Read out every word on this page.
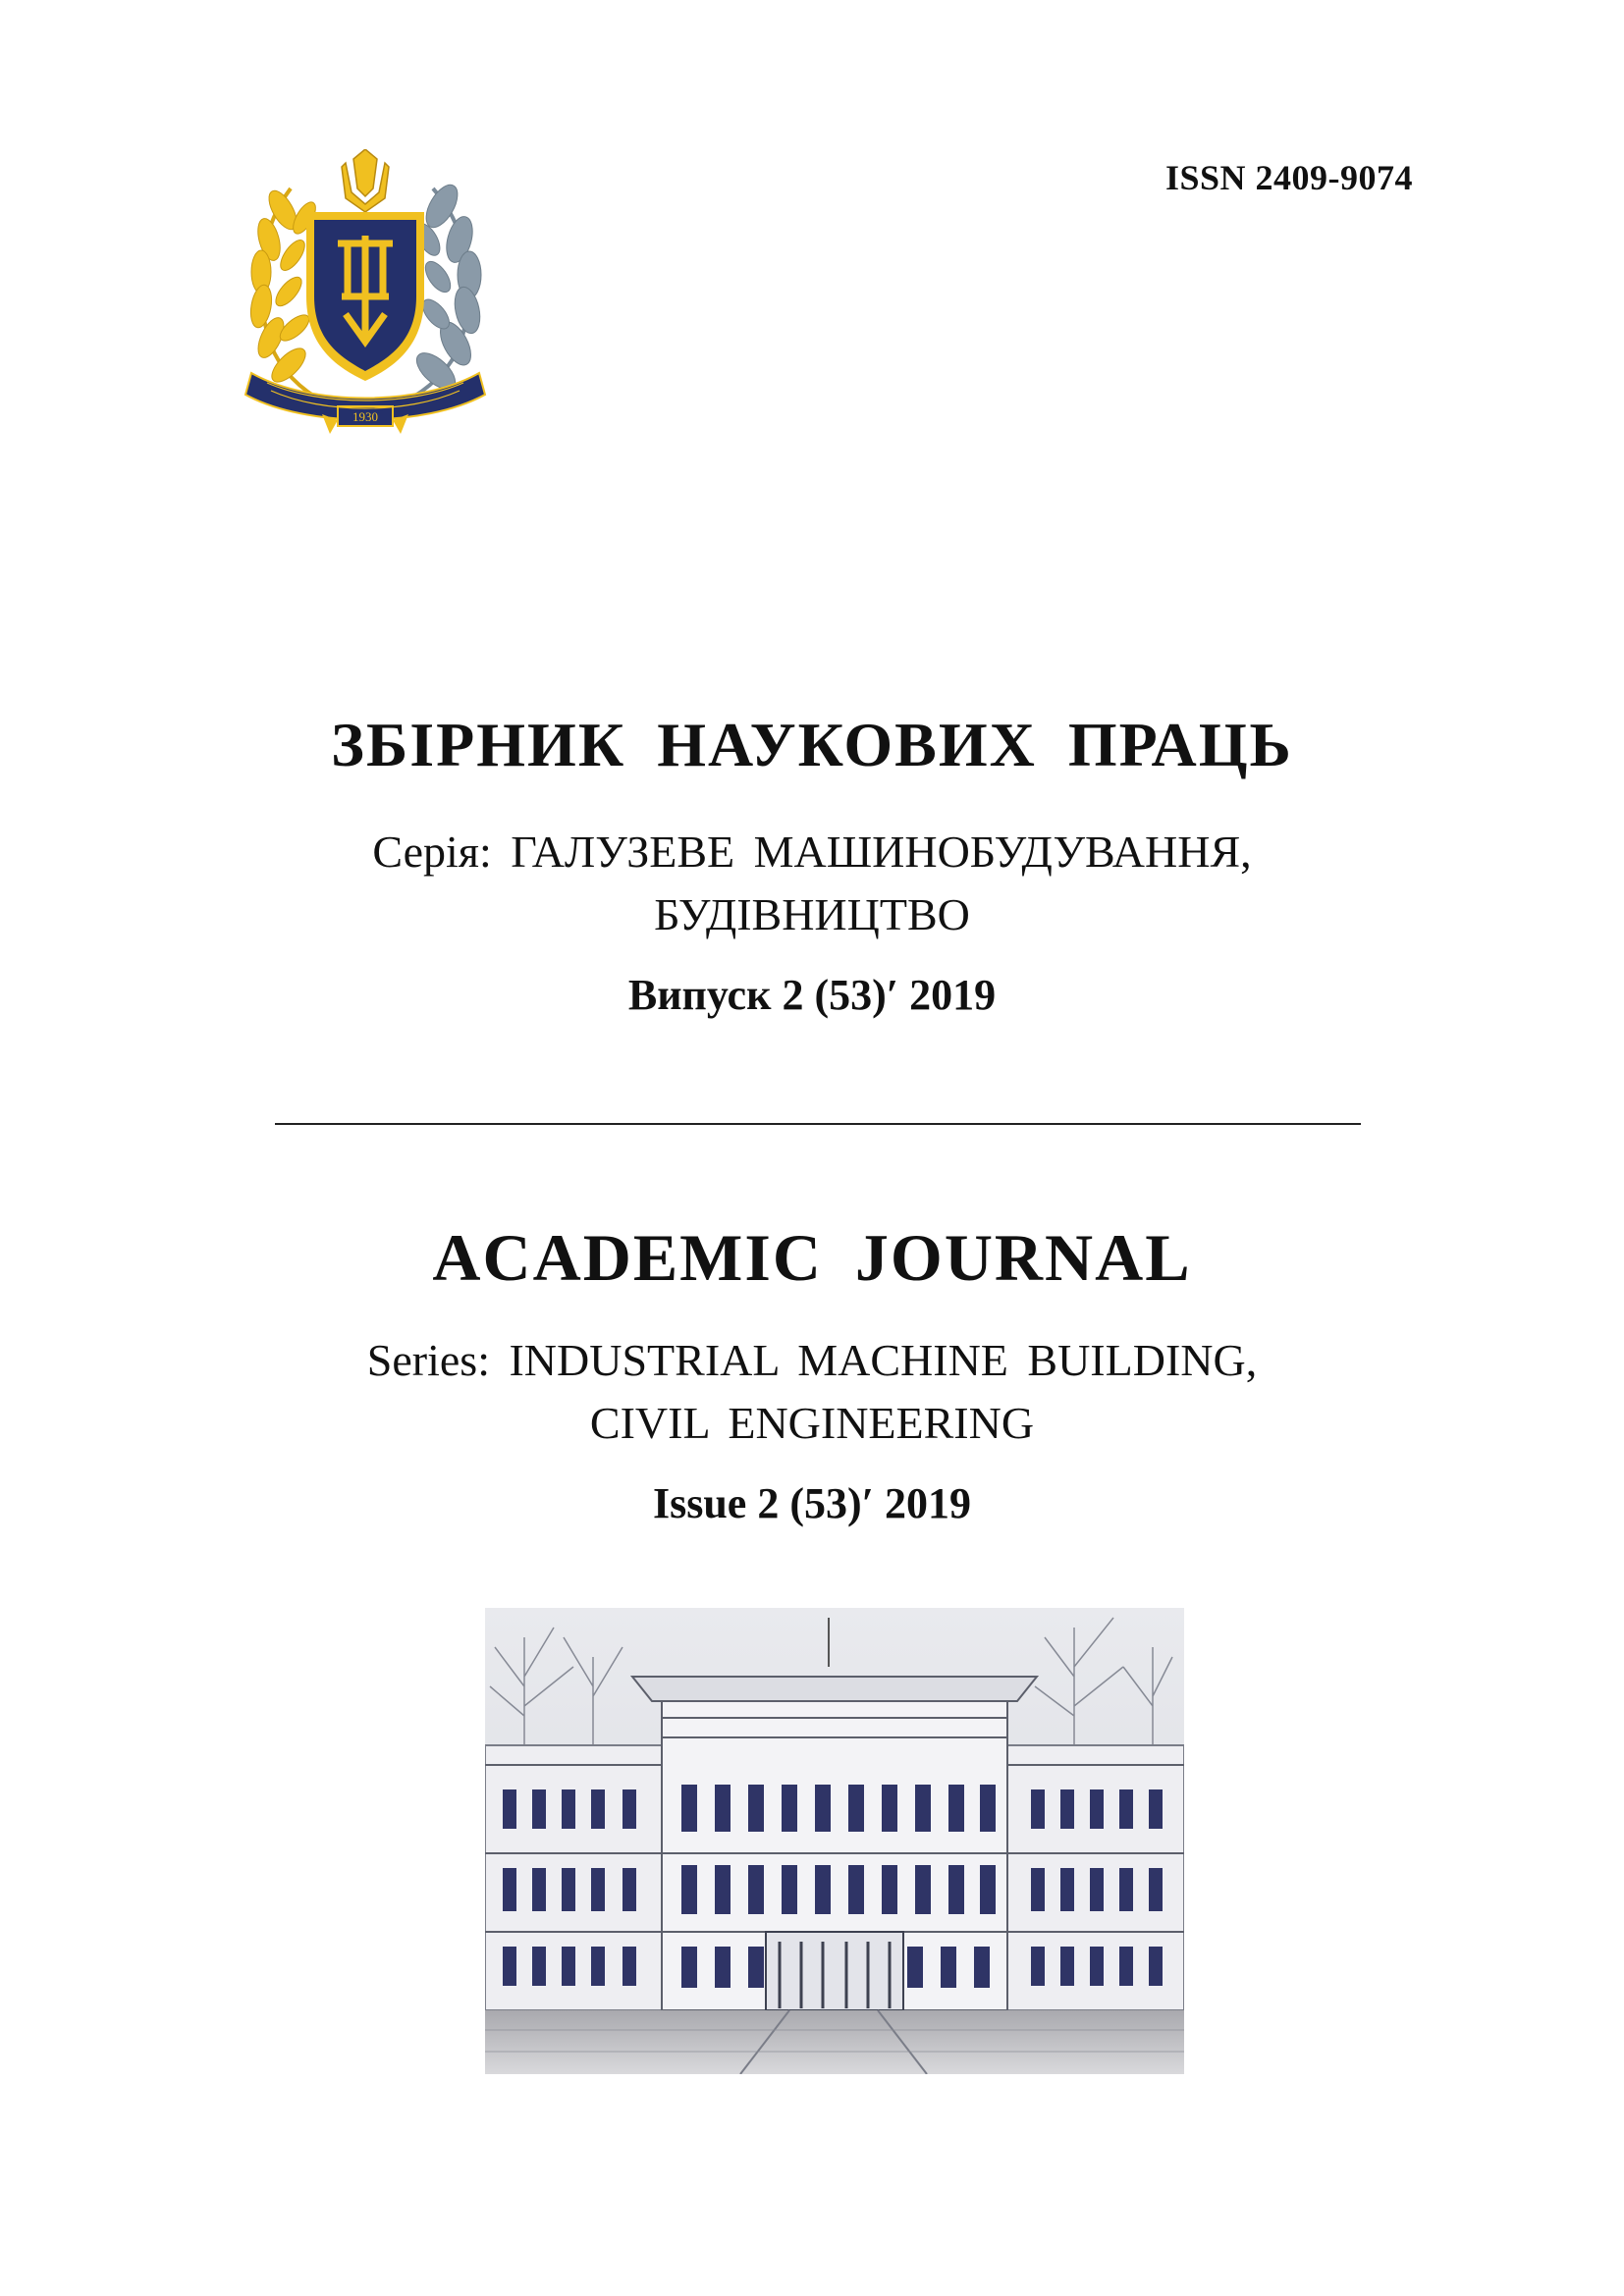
1930
ISSN 2409-9074
ЗБІРНИК НАУКОВИХ ПРАЦЬ
Серія: ГАЛУЗЕВЕ МАШИНОБУДУВАННЯ,
БУДІВНИЦТВО
Випуск 2 (53)′ 2019
ACADEMIC JOURNAL
Series: INDUSTRIAL MACHINE BUILDING,
CIVIL ENGINEERING
Issue 2 (53)′ 2019
